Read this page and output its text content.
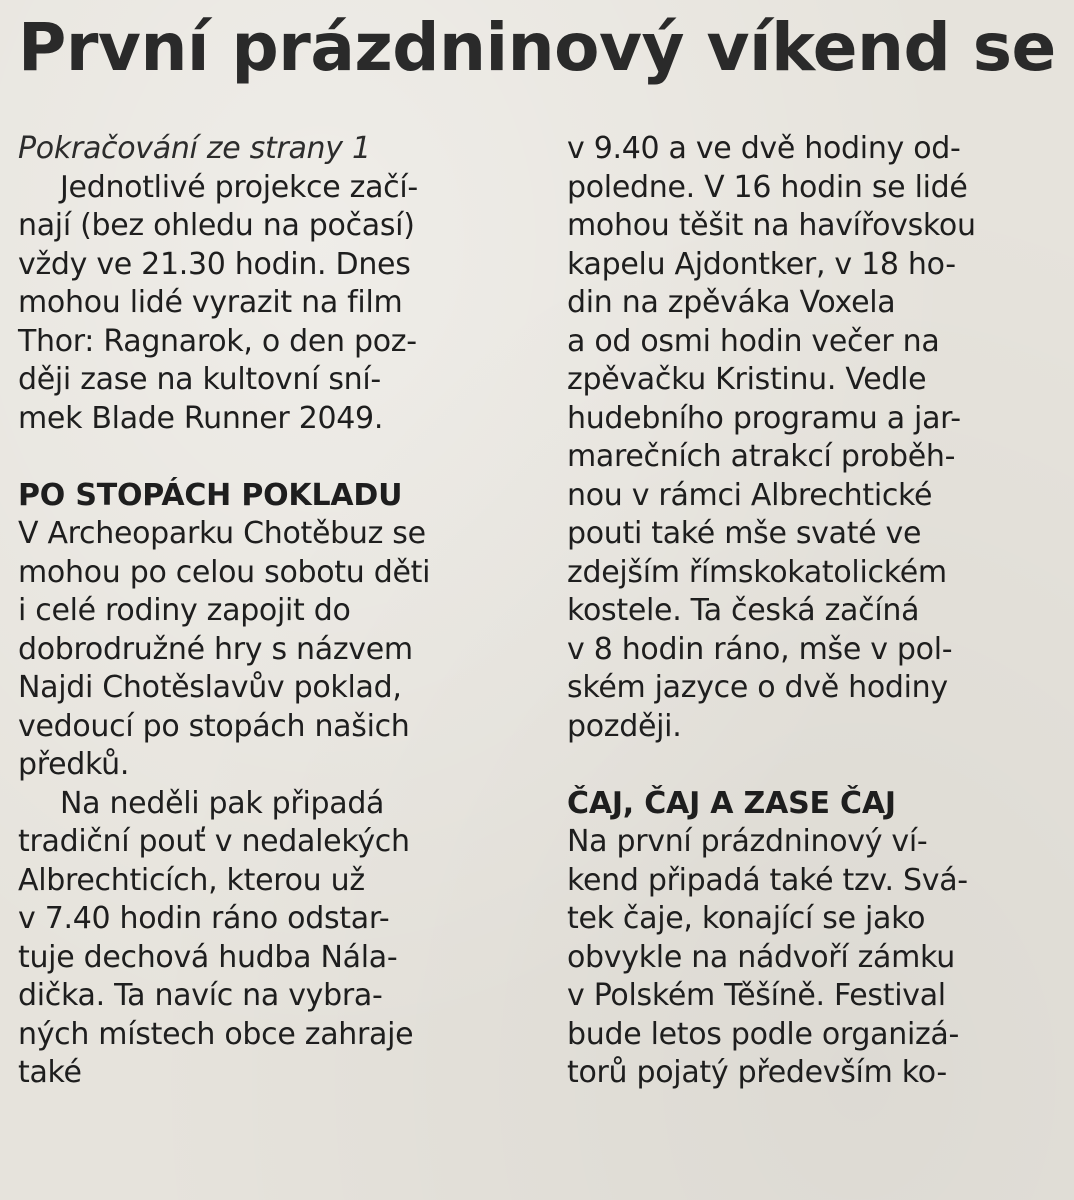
První prázdninový víkend se
Pokračování ze strany 1
Jednotlivé projekce začí-
nají (bez ohledu na počasí)
vždy ve 21.30 hodin. Dnes
mohou lidé vyrazit na film
Thor: Ragnarok, o den poz-
ději zase na kultovní sní-
mek Blade Runner 2049.
PO STOPÁCH POKLADU
V Archeoparku Chotěbuz se
mohou po celou sobotu děti
i celé rodiny zapojit do
dobrodružné hry s názvem
Najdi Chotěslavův poklad,
vedoucí po stopách našich
předků.
Na neděli pak připadá
tradiční pouť v nedalekých
Albrechticích, kterou už
v 7.40 hodin ráno odstar-
tuje dechová hudba Nála-
dička. Ta navíc na vybra-
ných místech obce zahraje
také
v 9.40 a ve dvě hodiny od-
poledne. V 16 hodin se lidé
mohou těšit na havířovskou
kapelu Ajdontker, v 18 ho-
din na zpěváka Voxela
a od osmi hodin večer na
zpěvačku Kristinu. Vedle
hudebního programu a jar-
marečních atrakcí proběh-
nou v rámci Albrechtické
pouti také mše svaté ve
zdejším římskokatolickém
kostele. Ta česká začíná
v 8 hodin ráno, mše v pol-
ském jazyce o dvě hodiny
později.
ČAJ, ČAJ A ZASE ČAJ
Na první prázdninový ví-
kend připadá také tzv. Svá-
tek čaje, konající se jako
obvykle na nádvoří zámku
v Polském Těšíně. Festival
bude letos podle organizá-
torů pojatý především ko-
